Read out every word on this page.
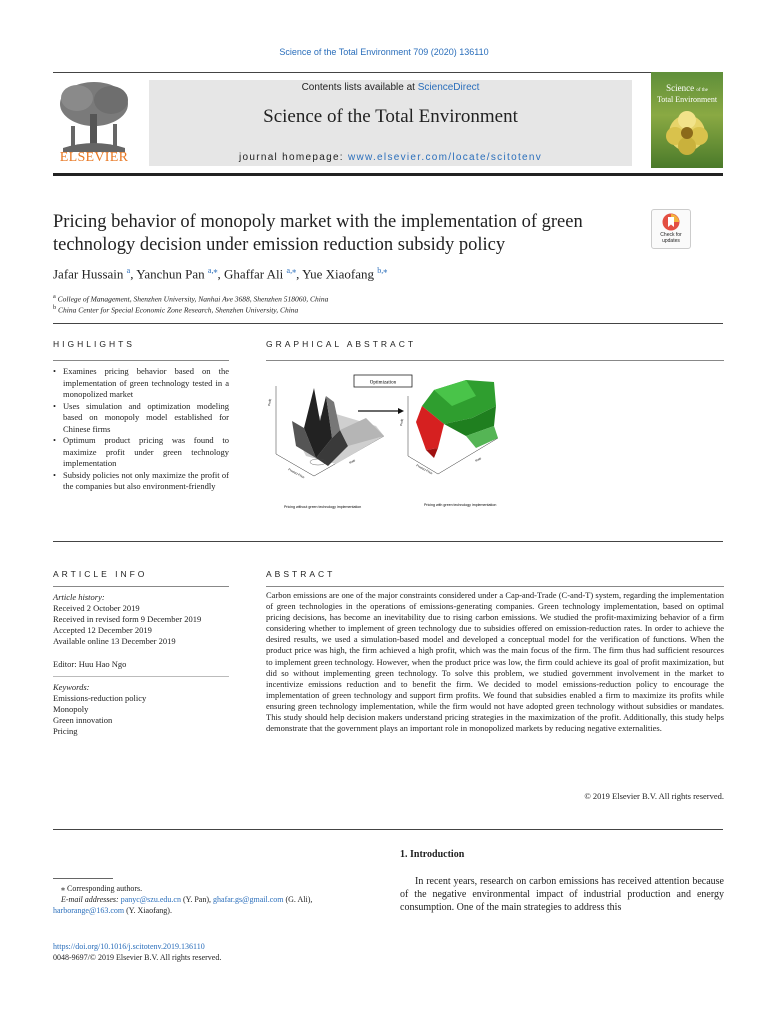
Science of the Total Environment 709 (2020) 136110
ELSEVIER
Contents lists available at ScienceDirect
Science of the Total Environment
journal homepage: www.elsevier.com/locate/scitotenv
Science of the
Total Environment
Pricing behavior of monopoly market with the implementation of green technology decision under emission reduction subsidy policy	Check for
updates
Jafar Hussain $^a$, Yanchun Pan $^{a,⁎}$, Ghaffar Ali $^{a,⁎}$, Yue Xiaofang $^{b,⁎}$
$^a$ College of Management, Shenzhen University, Nanhai Ave 3688, Shenzhen 518060, China
$^b$ China Center for Special Economic Zone Research, Shenzhen University, China
HIGHLIGHTS
• Examines pricing behavior based on the implementation of green technology tested in a monopolized market
• Uses simulation and optimization modeling based on monopoly model established for Chinese firms
• Optimum product pricing was found to maximize profit under green technology implementation
• Subsidy policies not only maximize the profit of the companies but also environment-friendly
GRAPHICAL ABSTRACT
Optimization
Profit
Product Price
Rate
Profit
Product Price
Rate
Pricing without green technology implementation	Pricing with green technology implementation
ARTICLE INFO
Article history:
Received 2 October 2019
Received in revised form 9 December 2019
Accepted 12 December 2019
Available online 13 December 2019
Editor: Huu Hao Ngo
Keywords:
Emissions-reduction policy
Monopoly
Green innovation
Pricing
ABSTRACT
Carbon emissions are one of the major constraints considered under a Cap-and-Trade (C-and-T) system, regarding the implementation of green technologies in the operations of emissions-generating companies. Green technology implementation, based on optimal pricing decisions, has become an inevitability due to rising carbon emissions. We studied the profit-maximizing behavior of a firm considering whether to implement of green technology due to subsidies offered on emission-reduction rates. In order to achieve the desired results, we used a simulation-based model and developed a conceptual model for the verification of functions. When the product price was high, the firm achieved a high profit, which was the main focus of the firm. The firm thus had sufficient resources to implement green technology. However, when the product price was low, the firm could achieve its goal of profit maximization, but did so without implementing green technology. To solve this problem, we studied government involvement in the market to incentivize emissions reduction and to benefit the firm. We decided to model emissions-reduction policy to encourage the implementation of green technology and support firm profits. We found that subsidies enabled a firm to maximize its profits while ensuring green technology implementation, while the firm would not have adopted green technology without subsidies or mandates. This study should help decision makers understand pricing strategies in the maximization of the profit. Additionally, this study helps demonstrate that the government plays an important role in monopolized markets by reducing negative externalities.
© 2019 Elsevier B.V. All rights reserved.
1. Introduction
In recent years, research on carbon emissions has received attention because of the negative environmental impact of industrial production and energy consumption. One of the main strategies to address this
⁎ Corresponding authors.
E-mail addresses: panyc@szu.edu.cn (Y. Pan), ghafar.gs@gmail.com (G. Ali),
harborange@163.com (Y. Xiaofang).
https://doi.org/10.1016/j.scitotenv.2019.136110
0048-9697/© 2019 Elsevier B.V. All rights reserved.
